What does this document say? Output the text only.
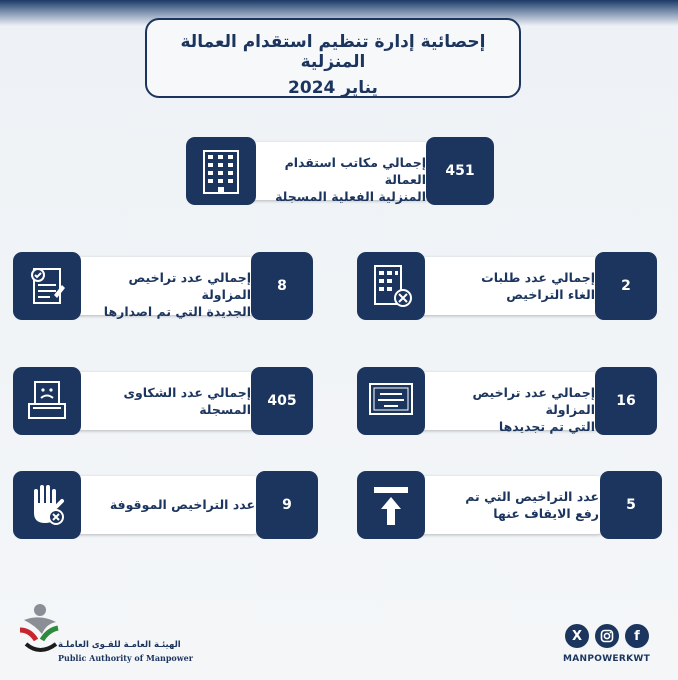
إحصائية إدارة تنظيم استقدام العمالة المنزلية
يناير 2024
إجمالي مكاتب استقدام العمالة
المنزلية الفعلية المسجلة
451
إجمالي عدد تراخيص المزاولة
الجديدة التي تم اصدارها
8
إجمالي عدد طلبات
الغاء التراخيص
2
إجمالي عدد الشكاوى
المسجلة
405
إجمالي عدد تراخيص المزاولة
التي تم تجديدها
16
عدد التراخيص الموقوفة	9
عدد التراخيص التي تم
رفع الايقاف عنها
5
الهيئـة العامـة للقـوى العاملـة
Public Authority of Manpower
X	f
MANPOWERKWT
